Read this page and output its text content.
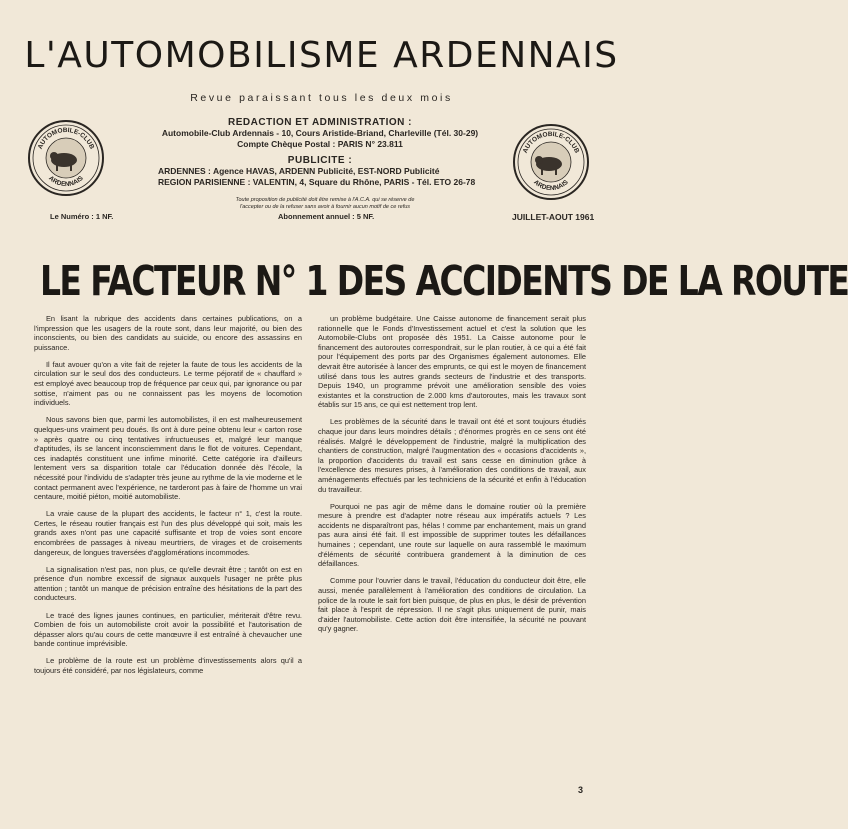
L'AUTOMOBILISME ARDENNAIS

Revue paraissant tous les deux mois

AUTOMOBILE-CLUB
ARDENNAIS
AUTOMOBILE-CLUB
ARDENNAIS
REDACTION ET ADMINISTRATION :
Automobile-Club Ardennais - 10, Cours Aristide-Briand, Charleville (Tél. 30-29)
Compte Chèque Postal : PARIS N° 23.811
PUBLICITE :
ARDENNES : Agence HAVAS, ARDENN Publicité, EST-NORD Publicité
REGION PARISIENNE : VALENTIN, 4, Square du Rhône, PARIS - Tél. ETO 26-78
Toute proposition de publicité doit être remise à l'A.C.A. qui se réserve de
l'accepter ou de la refuser sans avoir à fournir aucun motif de ce refus
Le Numéro : 1 NF.	Abonnement annuel : 5 NF.	JUILLET-AOUT 1961
LE FACTEUR N° 1 DES ACCIDENTS DE LA ROUTE

En lisant la rubrique des accidents dans certaines publications, on a l'impression que les usagers de la route sont, dans leur majorité, ou bien des inconscients, ou bien des candidats au suicide, ou encore des assassins en puissance.

Il faut avouer qu'on a vite fait de rejeter la faute de tous les accidents de la circulation sur le seul dos des conducteurs. Le terme péjoratif de « chauffard » est employé avec beaucoup trop de fréquence par ceux qui, par ignorance ou par sottise, n'aiment pas ou ne connaissent pas les moyens de locomotion individuels.

Nous savons bien que, parmi les automobilistes, il en est malheureusement quelques-uns vraiment peu doués. Ils ont à dure peine obtenu leur « carton rose » après quatre ou cinq tentatives infructueuses et, malgré leur manque d'aptitudes, ils se lancent inconsciemment dans le flot de voitures. Cependant, ces inadaptés constituent une infime minorité. Cette catégorie ira d'ailleurs lentement vers sa disparition totale car l'éducation donnée dès l'école, la nécessité pour l'individu de s'adapter très jeune au rythme de la vie moderne et le contact permanent avec l'expérience, ne tarderont pas à faire de l'homme un vrai centaure, moitié piéton, moitié automobiliste.

La vraie cause de la plupart des accidents, le facteur n° 1, c'est la route. Certes, le réseau routier français est l'un des plus développé qui soit, mais les grands axes n'ont pas une capacité suffisante et trop de voies sont encore encombrées de passages à niveau meurtriers, de virages et de croisements dangereux, de longues traversées d'agglomérations incommodes.

La signalisation n'est pas, non plus, ce qu'elle devrait être ; tantôt on est en présence d'un nombre excessif de signaux auxquels l'usager ne prête plus attention ; tantôt un manque de précision entraîne des hésitations de la part des conducteurs.

Le tracé des lignes jaunes continues, en particulier, mériterait d'être revu. Combien de fois un automobiliste croit avoir la possibilité et l'autorisation de dépasser alors qu'au cours de cette manœuvre il est entraîné à chevaucher une bande continue imprévisible.

Le problème de la route est un problème d'investissements alors qu'il a toujours été considéré, par nos législateurs, comme

un problème budgétaire. Une Caisse autonome de financement serait plus rationnelle que le Fonds d'Investissement actuel et c'est la solution que les Automobile-Clubs ont proposée dès 1951. La Caisse autonome pour le financement des autoroutes correspondrait, sur le plan routier, à ce qui a été fait pour l'équipement des ports par des Organismes également autonomes. Elle devrait être autorisée à lancer des emprunts, ce qui est le moyen de financement utilisé dans tous les autres grands secteurs de l'industrie et des transports. Depuis 1940, un programme prévoit une amélioration sensible des voies existantes et la construction de 2.000 kms d'autoroutes, mais les travaux sont établis sur 15 ans, ce qui est nettement trop lent.

Les problèmes de la sécurité dans le travail ont été et sont toujours étudiés chaque jour dans leurs moindres détails ; d'énormes progrès en ce sens ont été réalisés. Malgré le développement de l'industrie, malgré la multiplication des chantiers de construction, malgré l'augmentation des « occasions d'accidents », la proportion d'accidents du travail est sans cesse en diminution grâce à l'excellence des mesures prises, à l'amélioration des conditions de travail, aux aménagements effectués par les techniciens de la sécurité et enfin à l'éducation du travailleur.

Pourquoi ne pas agir de même dans le domaine routier où la première mesure à prendre est d'adapter notre réseau aux impératifs actuels ? Les accidents ne disparaîtront pas, hélas ! comme par enchantement, mais un grand pas aura ainsi été fait. Il est impossible de supprimer toutes les défaillances humaines ; cependant, une route sur laquelle on aura rassemblé le maximum d'éléments de sécurité contribuera grandement à la diminution de ces défaillances.

Comme pour l'ouvrier dans le travail, l'éducation du conducteur doit être, elle aussi, menée parallèlement à l'amélioration des conditions de circulation. La police de la route le sait fort bien puisque, de plus en plus, le désir de prévention fait place à l'esprit de répression. Il ne s'agit plus uniquement de punir, mais d'aider l'automobiliste. Cette action doit être intensifiée, la sécurité ne pouvant qu'y gagner.

3
